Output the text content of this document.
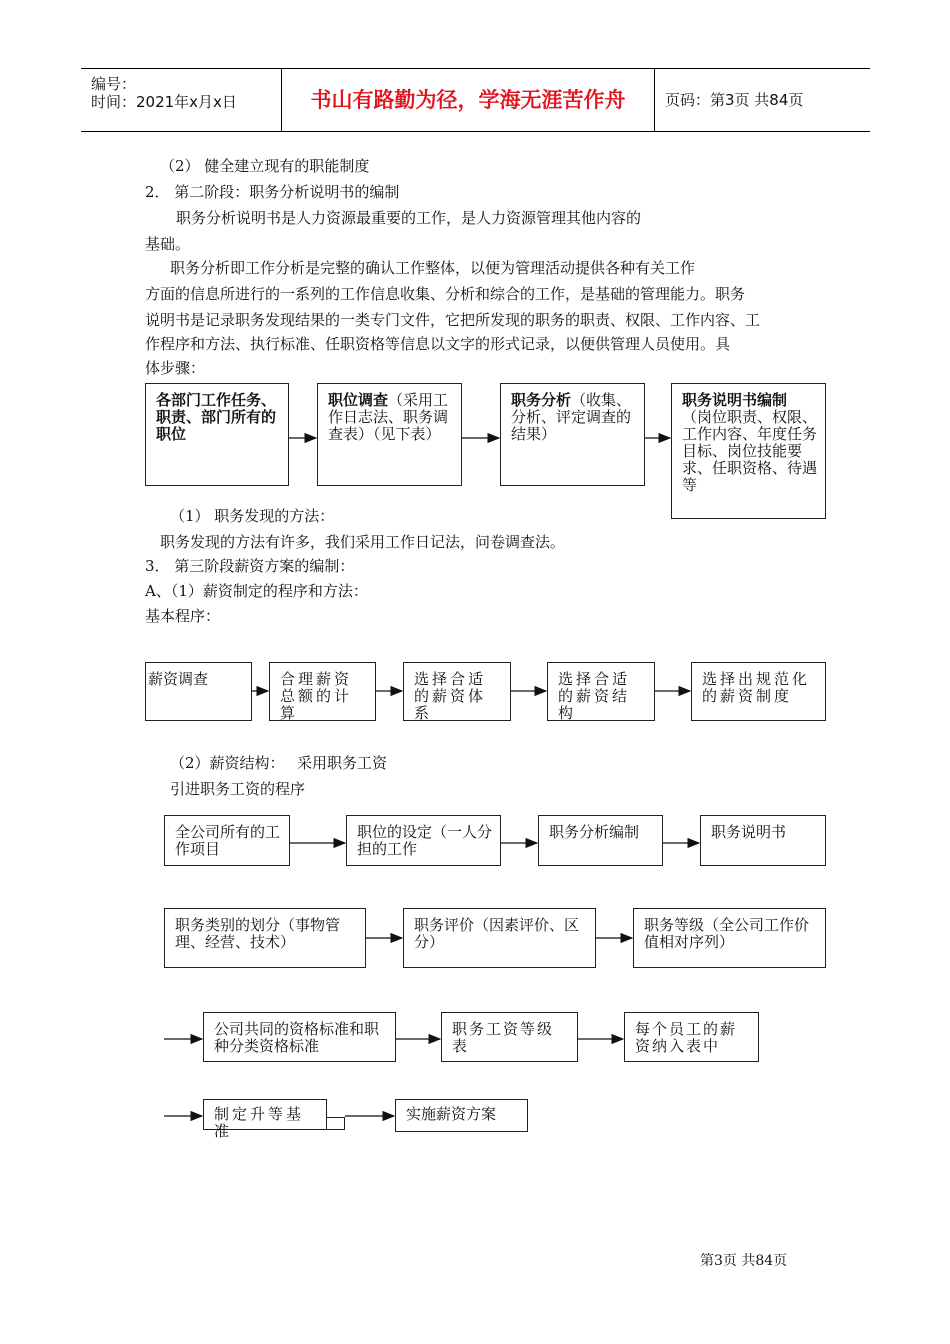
编号：
时间：2021年x月x日	书山有路勤为径，学海无涯苦作舟	页码：第3页 共84页
（2） 健全建立现有的职能制度
2． 第二阶段：职务分析说明书的编制
职务分析说明书是人力资源最重要的工作，是人力资源管理其他内容的
基础。
职务分析即工作分析是完整的确认工作整体，以便为管理活动提供各种有关工作
方面的信息所进行的一系列的工作信息收集、分析和综合的工作，是基础的管理能力。职务
说明书是记录职务发现结果的一类专门文件，它把所发现的职务的职责、权限、工作内容、工
作程序和方法、执行标准、任职资格等信息以文字的形式记录，以便供管理人员使用。具
体步骤：
各部门工作任务、职责、部门所有的职位
职位调查（采用工作日志法、职务调查表）（见下表）
职务分析（收集、分析、评定调查的结果）
职务说明书编制（岗位职责、权限、工作内容、年度任务目标、岗位技能要求、任职资格、待遇等
（1） 职务发现的方法：
职务发现的方法有许多，我们采用工作日记法，问卷调查法。
3． 第三阶段薪资方案的编制：
A、（1）薪资制定的程序和方法：
基本程序：
薪资调查	合理薪资总额的计算
选择合适的薪资体系
选择合适的薪资结构
选择出规范化的薪资制度
（2）薪资结构： 采用职务工资
引进职务工资的程序
全公司所有的工作项目
职位的设定（一人分担的工作
职务分析编制	职务说明书
职务类别的划分（事物管理、经营、技术）
职务评价（因素评价、区分）
职务等级（全公司工作价值相对序列）
公司共同的资格标准和职种分类资格标准
职务工资等级表
每个员工的薪资纳入表中
制定升等基准
实施薪资方案
第3页 共84页
